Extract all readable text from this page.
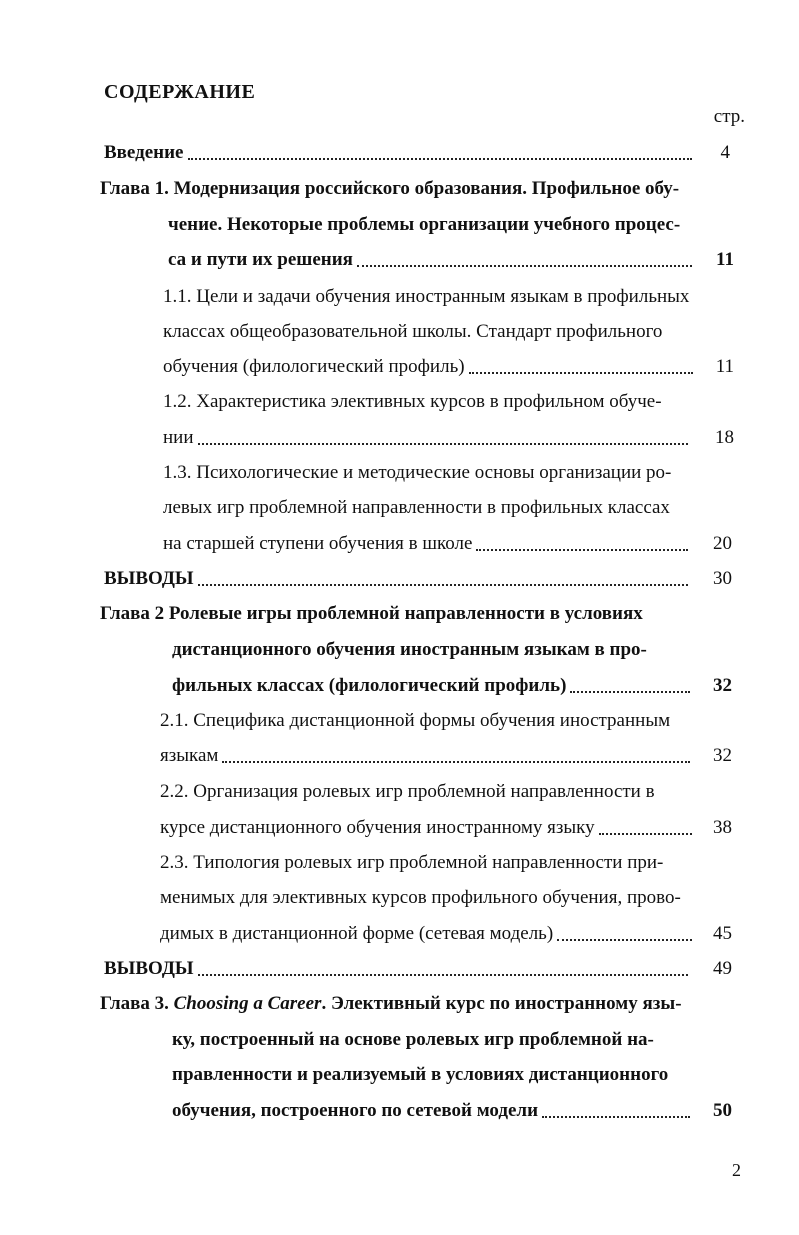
СОДЕРЖАНИЕ
стр.
Введение	4
Глава 1. Модернизация российского образования. Профильное обу-
чение. Некоторые проблемы организации учебного процес-
са и пути их решения	11
1.1. Цели и задачи обучения иностранным языкам в профильных
классах общеобразовательной школы. Стандарт профильного
обучения (филологический профиль)	11
1.2. Характеристика элективных курсов в профильном обуче-
нии	18
1.3. Психологические и методические основы организации ро-
левых игр проблемной направленности в профильных классах
на старшей ступени обучения в школе	20
ВЫВОДЫ	30
Глава 2 Ролевые игры проблемной направленности в условиях
дистанционного обучения иностранным языкам в про-
фильных классах (филологический профиль)	32
2.1. Специфика дистанционной формы обучения иностранным
языкам	32
2.2. Организация ролевых игр проблемной направленности в
курсе дистанционного обучения иностранному языку	38
2.3. Типология ролевых игр проблемной направленности при-
менимых для элективных курсов профильного обучения, прово-
димых в дистанционной форме (сетевая модель)	45
ВЫВОДЫ	49
Глава 3. Choosing a Career. Элективный курс по иностранному язы-
ку, построенный на основе ролевых игр проблемной на-
правленности и реализуемый в условиях дистанционного
обучения, построенного по сетевой модели	50
2
